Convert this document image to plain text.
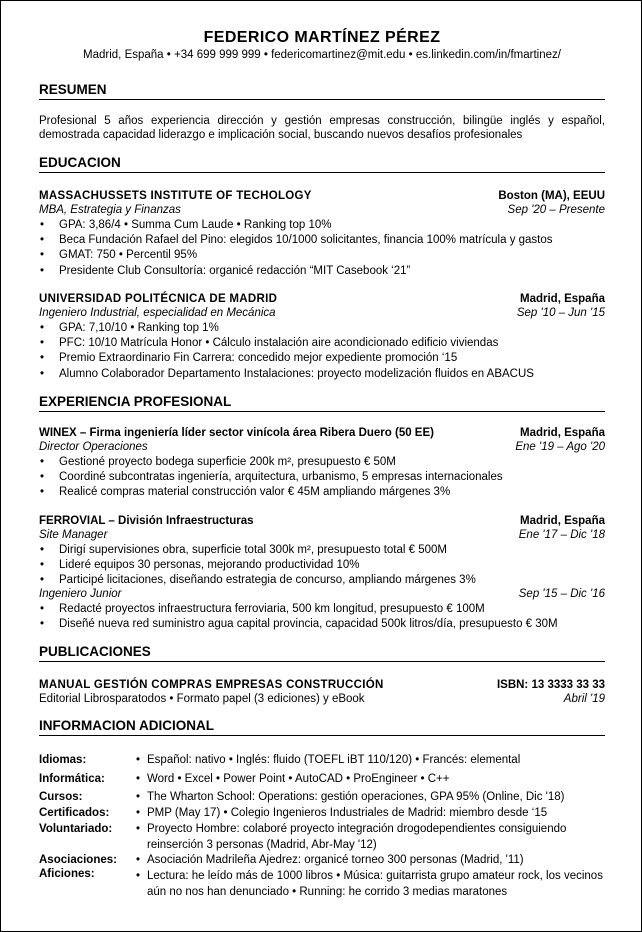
FEDERICO MARTÍNEZ PÉREZ
Madrid, España • +34 699 999 999 • federicomartinez@mit.edu • es.linkedin.com/in/fmartinez/
RESUMEN
Profesional 5 años experiencia dirección y gestión empresas construcción, bilingüe inglés y español, demostrada capacidad liderazgo e implicación social, buscando nuevos desafíos profesionales
EDUCACION
MASSACHUSSETS INSTITUTE OF TECHOLOGY	Boston (MA), EEUU
MBA, Estrategia y Finanzas	Sep '20 – Presente
• GPA: 3,86/4 • Summa Cum Laude • Ranking top 10%
• Beca Fundación Rafael del Pino: elegidos 10/1000 solicitantes, financia 100% matrícula y gastos
• GMAT: 750 • Percentil 95%
• Presidente Club Consultoría: organicé redacción “MIT Casebook ‘21”
UNIVERSIDAD POLITÉCNICA DE MADRID	Madrid, España
Ingeniero Industrial, especialidad en Mecánica	Sep '10 – Jun '15
• GPA: 7,10/10 • Ranking top 1%
• PFC: 10/10 Matrícula Honor • Cálculo instalación aire acondicionado edificio viviendas
• Premio Extraordinario Fin Carrera: concedido mejor expediente promoción ‘15
• Alumno Colaborador Departamento Instalaciones: proyecto modelización fluidos en ABACUS
EXPERIENCIA PROFESIONAL
WINEX – Firma ingeniería líder sector vinícola área Ribera Duero (50 EE)	Madrid, España
Director Operaciones	Ene '19 – Ago '20
• Gestioné proyecto bodega superficie 200k m², presupuesto € 50M
• Coordiné subcontratas ingeniería, arquitectura, urbanismo, 5 empresas internacionales
• Realicé compras material construcción valor € 45M ampliando márgenes 3%
FERROVIAL – División Infraestructuras	Madrid, España
Site Manager	Ene '17 – Dic '18
• Dirigí supervisiones obra, superficie total 300k m², presupuesto total € 500M
• Lideré equipos 30 personas, mejorando productividad 10%
• Participé licitaciones, diseñando estrategia de concurso, ampliando márgenes 3%
Ingeniero Junior	Sep '15 – Dic '16
• Redacté proyectos infraestructura ferroviaria, 500 km longitud, presupuesto € 100M
• Diseñé nueva red suministro agua capital provincia, capacidad 500k litros/día, presupuesto € 30M
PUBLICACIONES
MANUAL GESTIÓN COMPRAS EMPRESAS CONSTRUCCIÓN	ISBN: 13 3333 33 33
Editorial Librosparatodos • Formato papel (3 ediciones) y eBook	Abril '19
INFORMACION ADICIONAL
Idiomas:	• Español: nativo • Inglés: fluido (TOEFL iBT 110/120) • Francés: elemental
Informática:	• Word • Excel • Power Point • AutoCAD • ProEngineer • C++
Cursos:	• The Wharton School: Operations: gestión operaciones, GPA 95% (Online, Dic '18)
Certificados:	• PMP (May 17) • Colegio Ingenieros Industriales de Madrid: miembro desde ‘15
Voluntariado:	• Proyecto Hombre: colaboré proyecto integración drogodependientes consiguiendo reinserción 3 personas (Madrid, Abr-May '12)
Asociaciones:	• Asociación Madrileña Ajedrez: organicé torneo 300 personas (Madrid, '11)
Aficiones:	• Lectura: he leído más de 1000 libros • Música: guitarrista grupo amateur rock, los vecinos aún no nos han denunciado • Running: he corrido 3 medias maratones
